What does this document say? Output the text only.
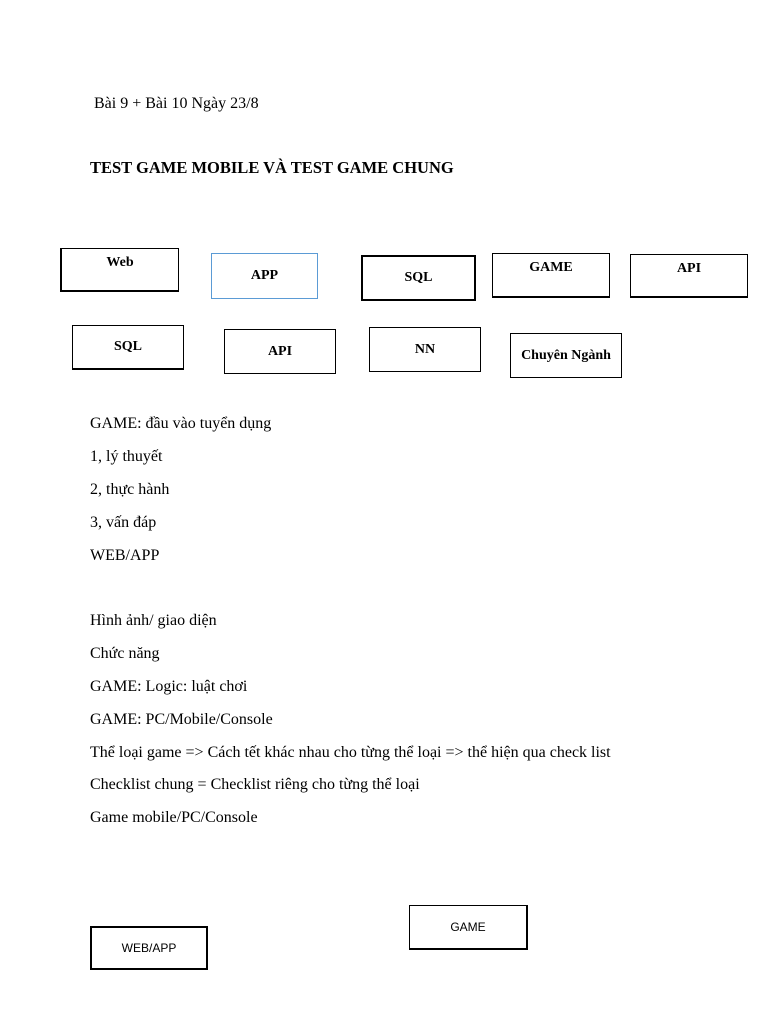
Bài 9 + Bài 10 Ngày 23/8
TEST GAME MOBILE VÀ TEST GAME CHUNG
Web
APP	SQL
GAME	API
SQL	API	NN	Chuyên Ngành
GAME: đầu vào tuyển dụng
1, lý thuyết
2, thực hành
3, vấn đáp
WEB/APP
Hình ảnh/ giao diện
Chức năng
GAME: Logic: luật chơi
GAME: PC/Mobile/Console
Thể loại game => Cách tết khác nhau cho từng thể loại => thể hiện qua check list
Checklist chung = Checklist riêng cho từng thể loại
Game mobile/PC/Console
WEB/APP
GAME
